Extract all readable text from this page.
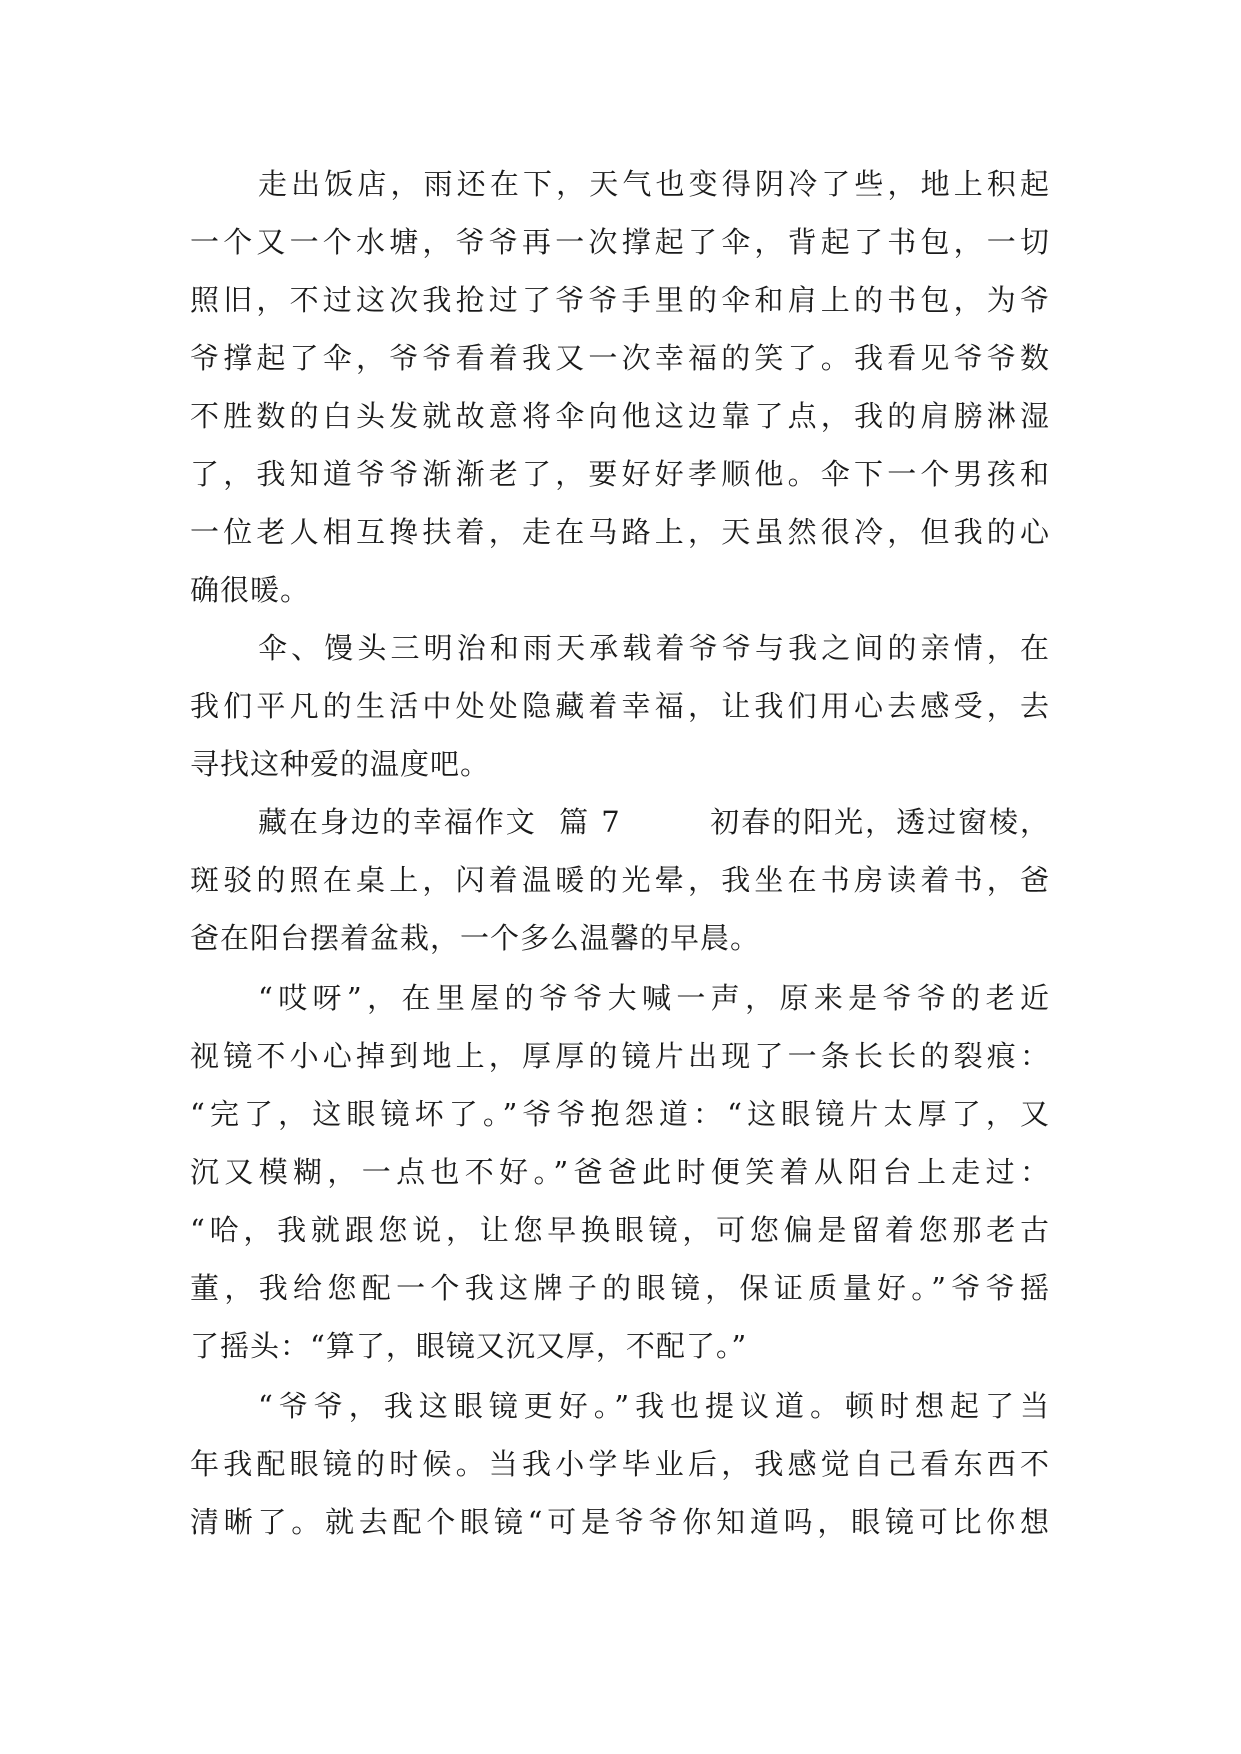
走出饭店，雨还在下，天气也变得阴冷了些，地上积起
一个又一个水塘，爷爷再一次撑起了伞，背起了书包，一切
照旧，不过这次我抢过了爷爷手里的伞和肩上的书包，为爷
爷撑起了伞，爷爷看着我又一次幸福的笑了。我看见爷爷数
不胜数的白头发就故意将伞向他这边靠了点，我的肩膀淋湿
了，我知道爷爷渐渐老了，要好好孝顺他。伞下一个男孩和
一位老人相互搀扶着，走在马路上，天虽然很冷，但我的心
确很暖。
伞、馒头三明治和雨天承载着爷爷与我之间的亲情，在
我们平凡的生活中处处隐藏着幸福，让我们用心去感受，去
寻找这种爱的温度吧。
藏在身边的幸福作文  篇 7        初春的阳光，透过窗棱，
斑驳的照在桌上，闪着温暖的光晕，我坐在书房读着书，爸
爸在阳台摆着盆栽，一个多么温馨的早晨。
“哎呀”，在里屋的爷爷大喊一声，原来是爷爷的老近
视镜不小心掉到地上，厚厚的镜片出现了一条长长的裂痕：
“完了，这眼镜坏了。”爷爷抱怨道：“这眼镜片太厚了，又
沉又模糊，一点也不好。”爸爸此时便笑着从阳台上走过：
“哈，我就跟您说，让您早换眼镜，可您偏是留着您那老古
董，我给您配一个我这牌子的眼镜，保证质量好。”爷爷摇
了摇头：“算了，眼镜又沉又厚，不配了。”
“爷爷，我这眼镜更好。”我也提议道。顿时想起了当
年我配眼镜的时候。当我小学毕业后，我感觉自己看东西不
清晰了。就去配个眼镜“可是爷爷你知道吗，眼镜可比你想
